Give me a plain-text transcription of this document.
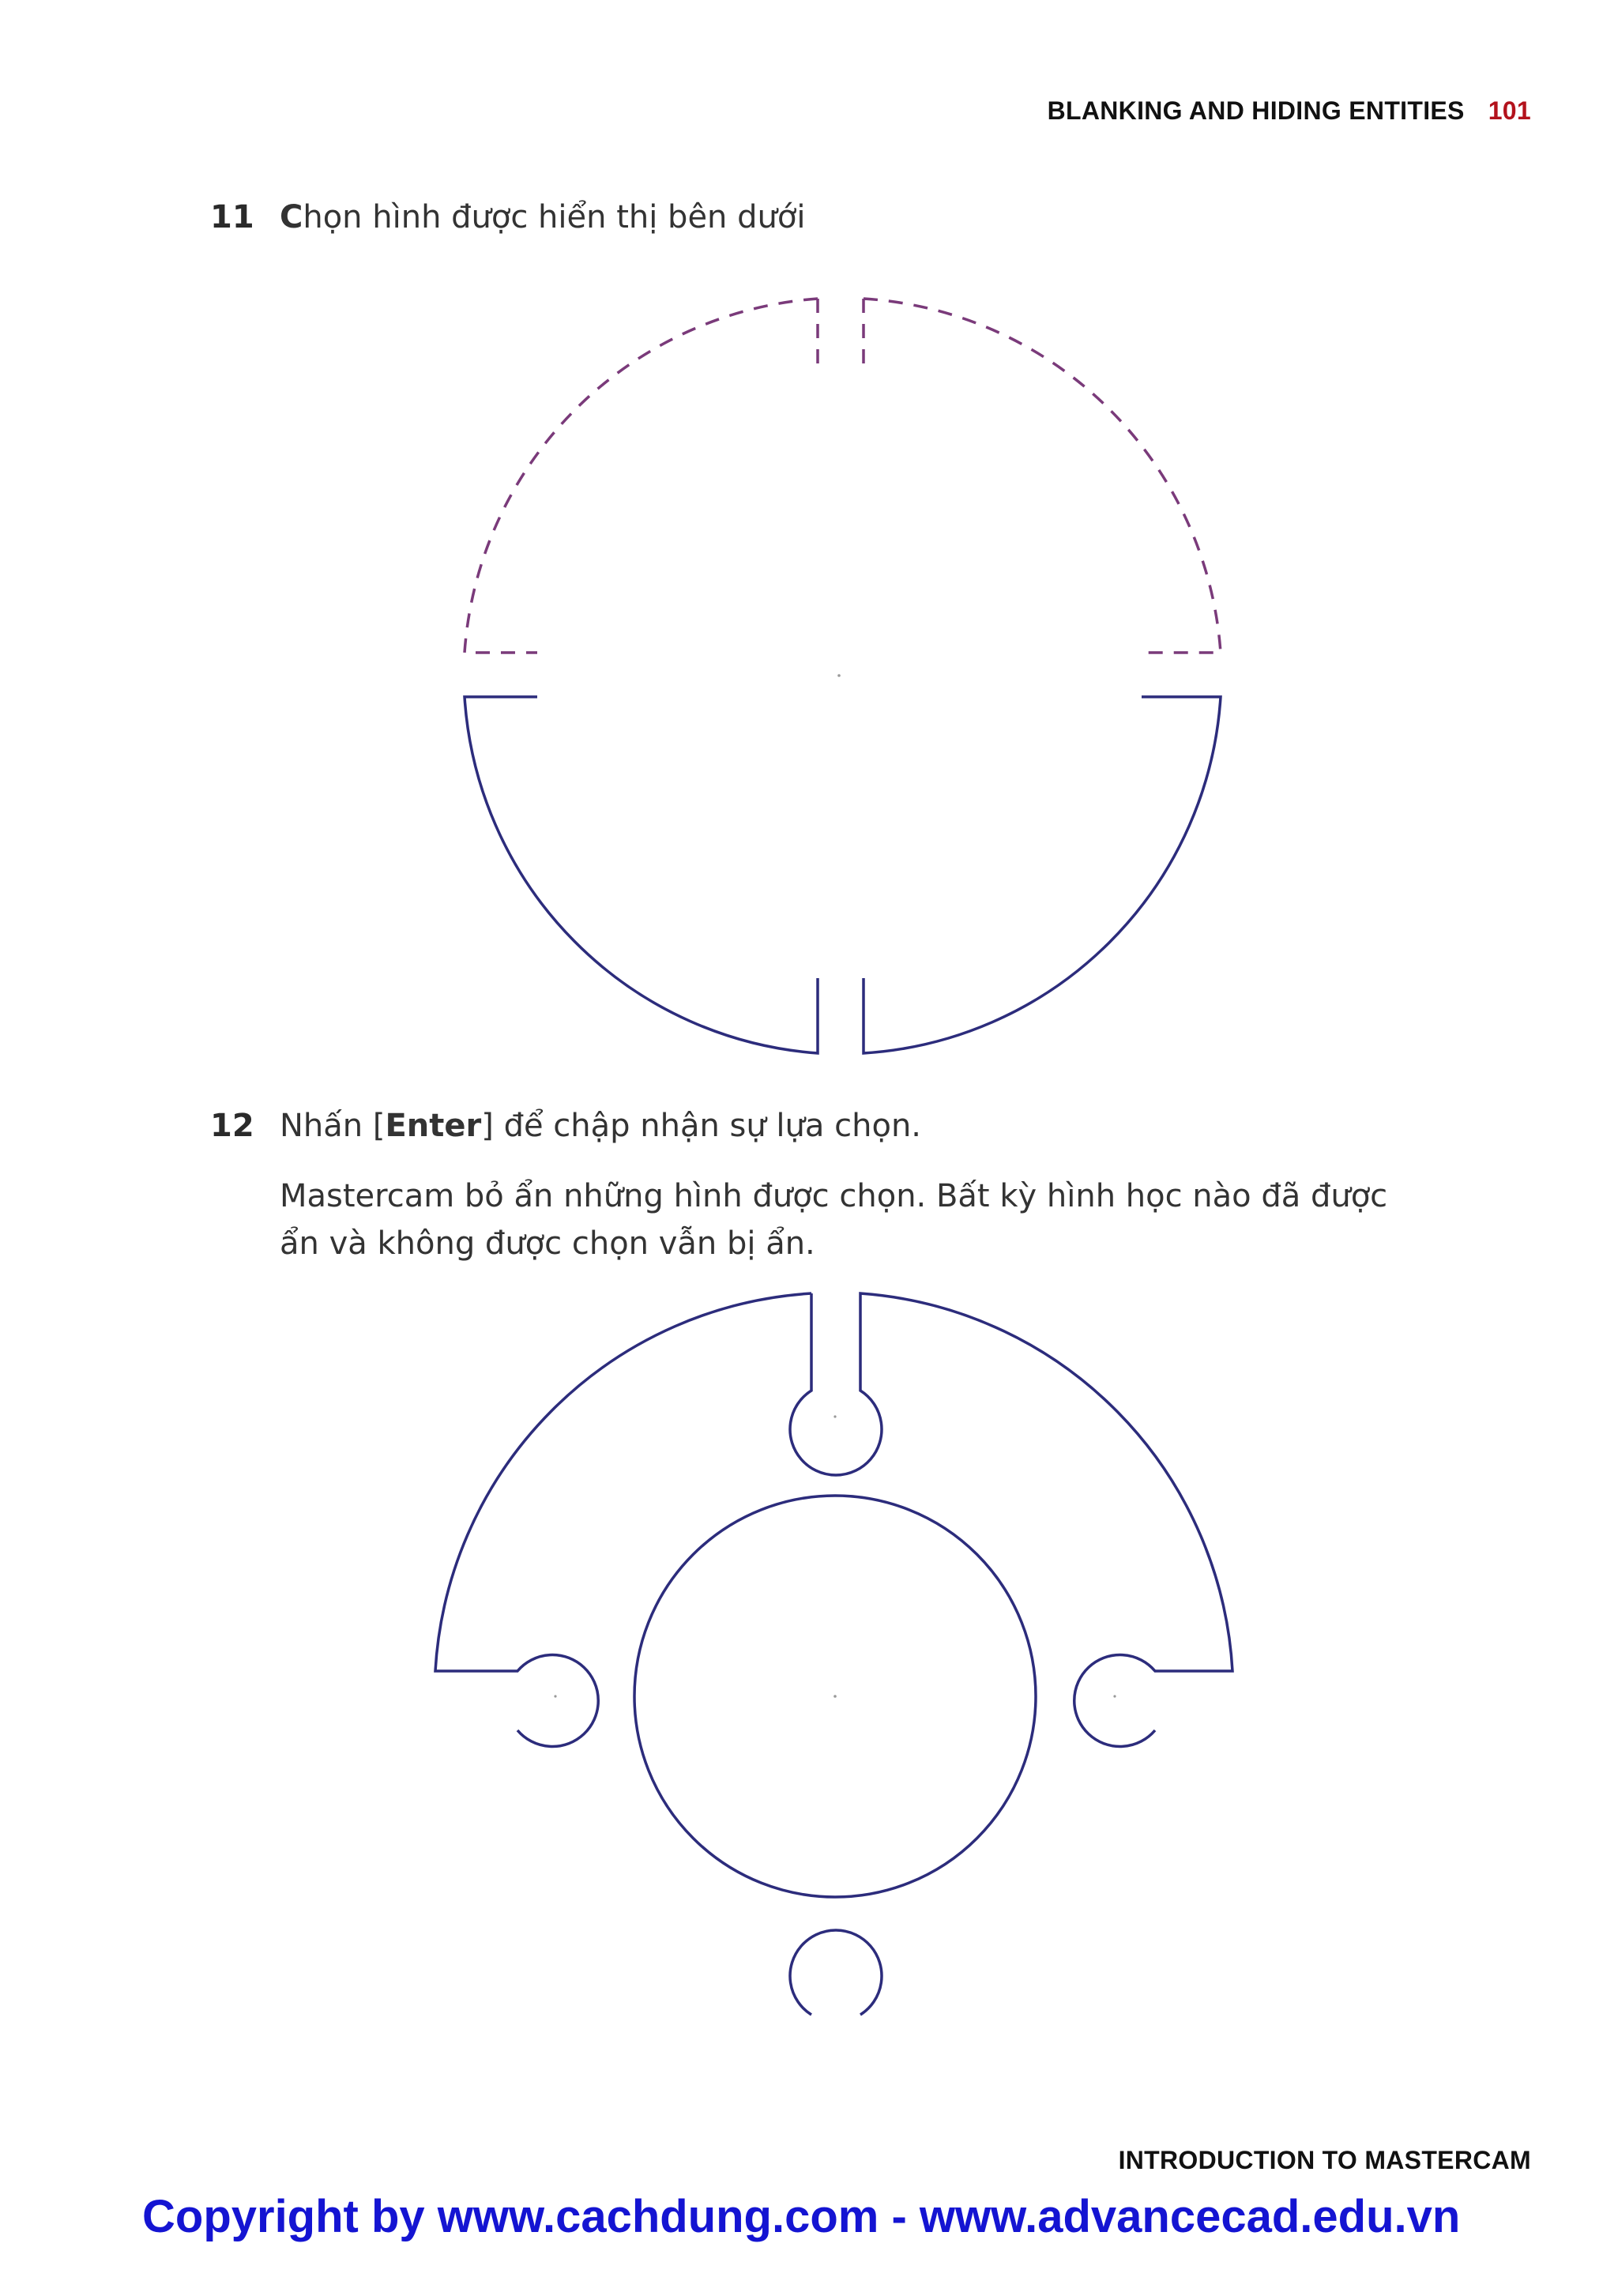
BLANKING AND HIDING ENTITIES 101
11 Chọn hình được hiển thị bên dưới
12 Nhấn [Enter] để chập nhận sự lựa chọn.
Mastercam bỏ ẩn những hình được chọn. Bất kỳ hình học nào đã được
ẩn và không được chọn vẫn bị ẩn.
INTRODUCTION TO MASTERCAM
Copyright by www.cachdung.com - www.advancecad.edu.vn
